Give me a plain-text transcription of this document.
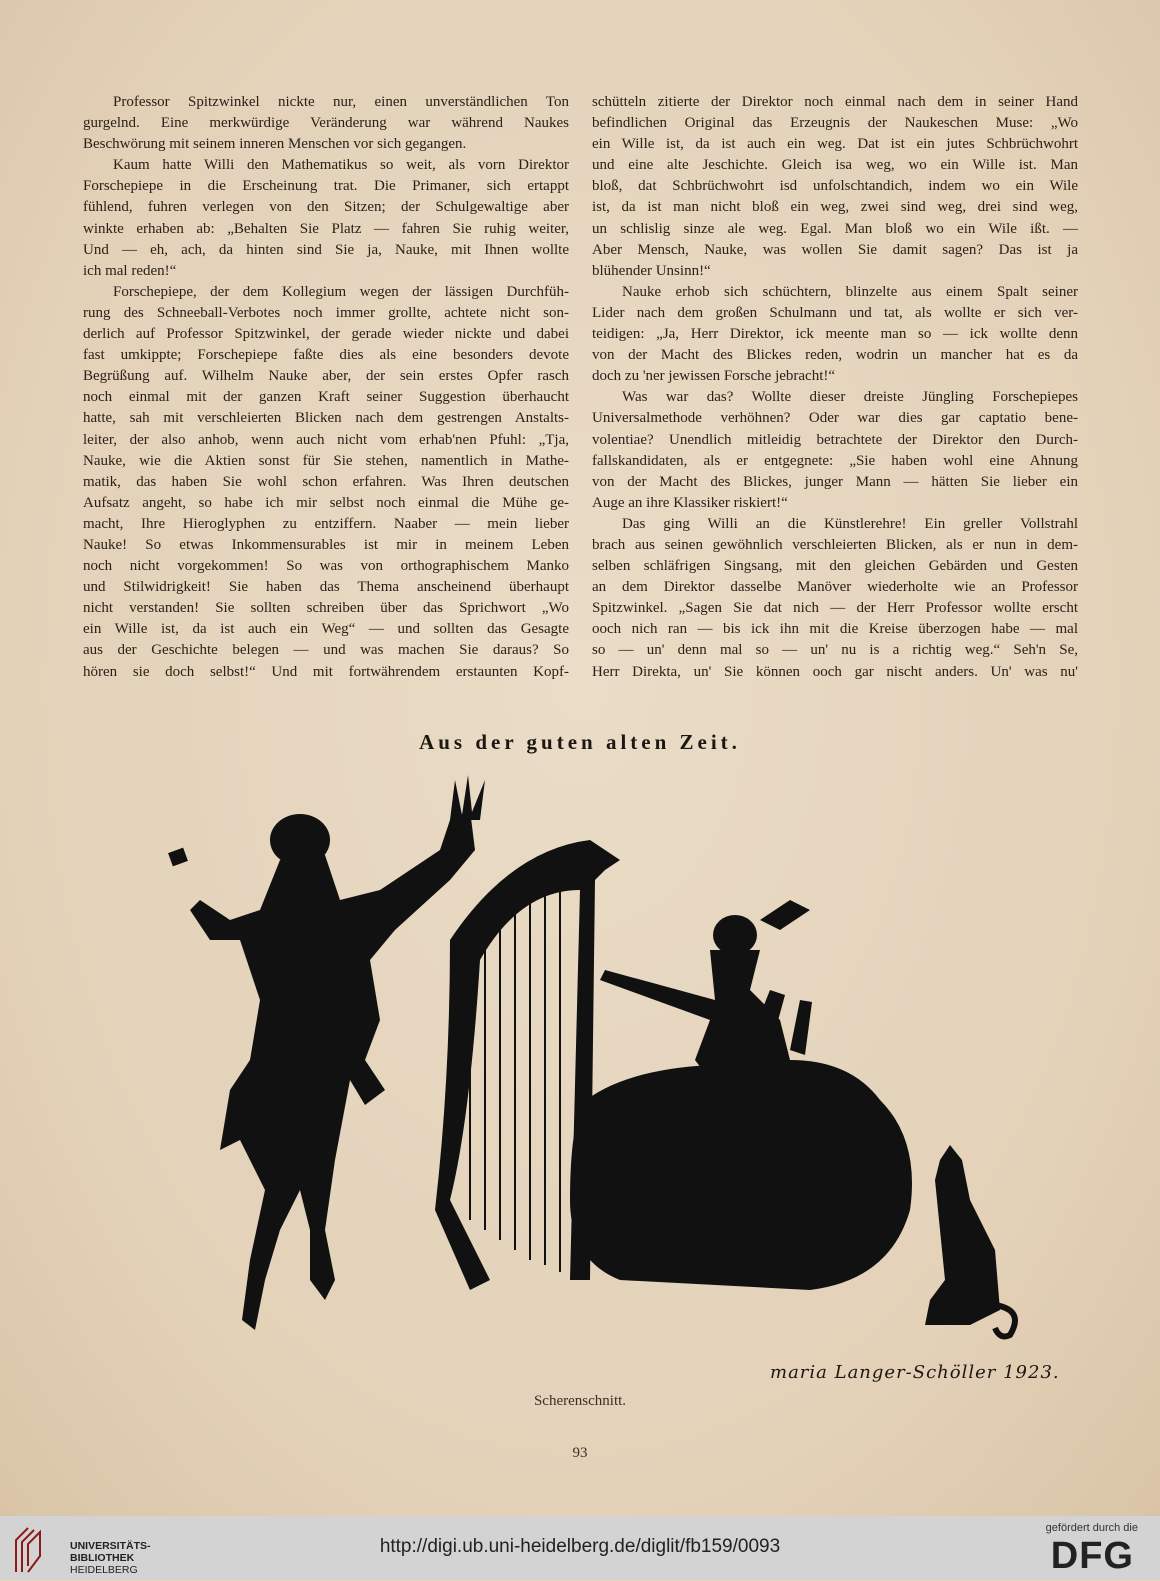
Professor Spitzwinkel nickte nur, einen unverständlichen Ton
gurgelnd. Eine merkwürdige Veränderung war während Naukes
Beschwörung mit seinem inneren Menschen vor sich gegangen.
Kaum hatte Willi den Mathematikus so weit, als vorn Direktor
Forschepiepe in die Erscheinung trat. Die Primaner, sich ertappt
fühlend, fuhren verlegen von den Sitzen; der Schulgewaltige aber
winkte erhaben ab: „Behalten Sie Platz — fahren Sie ruhig weiter,
Und — eh, ach, da hinten sind Sie ja, Nauke, mit Ihnen wollte
ich mal reden!“
Forschepiepe, der dem Kollegium wegen der lässigen Durchfüh-
rung des Schneeball-Verbotes noch immer grollte, achtete nicht son-
derlich auf Professor Spitzwinkel, der gerade wieder nickte und dabei
fast umkippte; Forschepiepe faßte dies als eine besonders devote
Begrüßung auf. Wilhelm Nauke aber, der sein erstes Opfer rasch
noch einmal mit der ganzen Kraft seiner Suggestion überhaucht
hatte, sah mit verschleierten Blicken nach dem gestrengen Anstalts-
leiter, der also anhob, wenn auch nicht vom erhab'nen Pfuhl: „Tja,
Nauke, wie die Aktien sonst für Sie stehen, namentlich in Mathe-
matik, das haben Sie wohl schon erfahren. Was Ihren deutschen
Aufsatz angeht, so habe ich mir selbst noch einmal die Mühe ge-
macht, Ihre Hieroglyphen zu entziffern. Naaber — mein lieber
Nauke! So etwas Inkommensurables ist mir in meinem Leben
noch nicht vorgekommen! So was von orthographischem Manko
und Stilwidrigkeit! Sie haben das Thema anscheinend überhaupt
nicht verstanden! Sie sollten schreiben über das Sprichwort „Wo
ein Wille ist, da ist auch ein Weg“ — und sollten das Gesagte
aus der Geschichte belegen — und was machen Sie daraus? So
hören sie doch selbst!“ Und mit fortwährendem erstaunten Kopf-
schütteln zitierte der Direktor noch einmal nach dem in seiner Hand
befindlichen Original das Erzeugnis der Naukeschen Muse: „Wo
ein Wille ist, da ist auch ein weg. Dat ist ein jutes Schbrüchwohrt
und eine alte Jeschichte. Gleich isa weg, wo ein Wille ist. Man
bloß, dat Schbrüchwohrt isd unfolschtandich, indem wo ein Wile
ist, da ist man nicht bloß ein weg, zwei sind weg, drei sind weg,
un schlislig sinze ale weg. Egal. Man bloß wo ein Wile ißt. —
Aber Mensch, Nauke, was wollen Sie damit sagen? Das ist ja
blühender Unsinn!“
Nauke erhob sich schüchtern, blinzelte aus einem Spalt seiner
Lider nach dem großen Schulmann und tat, als wollte er sich ver-
teidigen: „Ja, Herr Direktor, ick meente man so — ick wollte denn
von der Macht des Blickes reden, wodrin un mancher hat es da
doch zu 'ner jewissen Forsche jebracht!“
Was war das? Wollte dieser dreiste Jüngling Forschepiepes
Universalmethode verhöhnen? Oder war dies gar captatio bene-
volentiae? Unendlich mitleidig betrachtete der Direktor den Durch-
fallskandidaten, als er entgegnete: „Sie haben wohl eine Ahnung
von der Macht des Blickes, junger Mann — hätten Sie lieber ein
Auge an ihre Klassiker riskiert!“
Das ging Willi an die Künstlerehre! Ein greller Vollstrahl
brach aus seinen gewöhnlich verschleierten Blicken, als er nun in dem-
selben schläfrigen Singsang, mit den gleichen Gebärden und Gesten
an dem Direktor dasselbe Manöver wiederholte wie an Professor
Spitzwinkel. „Sagen Sie dat nich — der Herr Professor wollte erscht
ooch nich ran — bis ick ihn mit die Kreise überzogen habe — mal
so — un' denn mal so — un' nu is a richtig weg.“ Seh'n Se,
Herr Direkta, un' Sie können ooch gar nischt anders. Un' was nu'
Aus der guten alten Zeit.
maria Langer-Schöller 1923.
Scherenschnitt.
93
UNIVERSITÄTS-
BIBLIOTHEK
HEIDELBERG
http://digi.ub.uni-heidelberg.de/diglit/fb159/0093
gefördert durch die
DFG
